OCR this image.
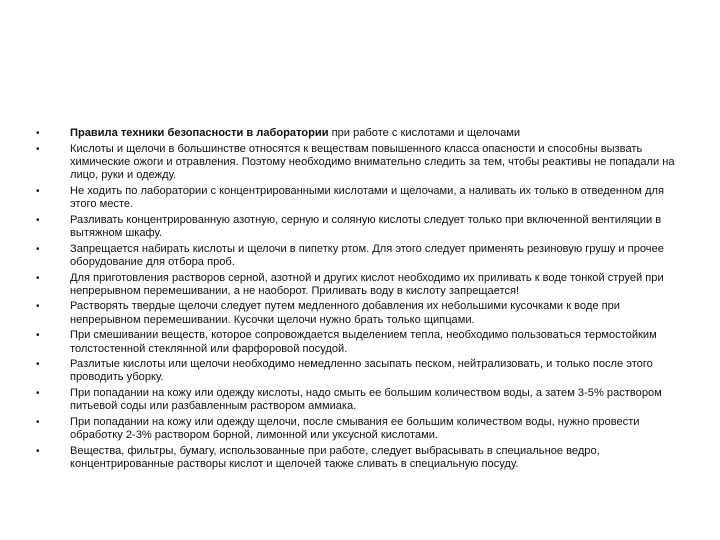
•	Правила техники безопасности в лаборатории при работе с кислотами и щелочами
•	Кислоты и щелочи в большинстве относятся к веществам повышенного класса опасности и способны вызвать химические ожоги и отравления. Поэтому необходимо внимательно следить за тем, чтобы реактивы не попадали на лицо, руки и одежду.
•	Не ходить по лаборатории с концентрированными кислотами и щелочами, а наливать их только в отведенном для этого месте.
•	Разливать концентрированную азотную, серную и соляную кислоты следует только при включенной вентиляции в вытяжном шкафу.
•	Запрещается набирать кислоты и щелочи в пипетку ртом. Для этого следует применять резиновую грушу и прочее оборудование для отбора проб.
•	Для приготовления растворов серной, азотной и других кислот необходимо их приливать к воде тонкой струей при непрерывном перемешивании, а не наоборот. Приливать воду в кислоту запрещается!
•	Растворять твердые щелочи следует путем медленного добавления их небольшими кусочками к воде при непрерывном перемешивании. Кусочки щелочи нужно брать только щипцами.
•	При смешивании веществ, которое сопровождается выделением тепла, необходимо пользоваться термостойким толстостенной стеклянной или фарфоровой посудой.
•	Разлитые кислоты или щелочи необходимо немедленно засыпать песком, нейтрализовать, и только после этого проводить уборку.
•	При попадании на кожу или одежду кислоты, надо смыть ее большим количеством воды, а затем 3-5% раствором питьевой соды или разбавленным раствором аммиака.
•	При попадании на кожу или одежду щелочи, после смывания ее большим количеством воды, нужно провести обработку 2-3% раствором борной, лимонной или уксусной кислотами.
•	Вещества, фильтры, бумагу, использованные при работе, следует выбрасывать в специальное ведро, концентрированные растворы кислот и щелочей также сливать в специальную посуду.
